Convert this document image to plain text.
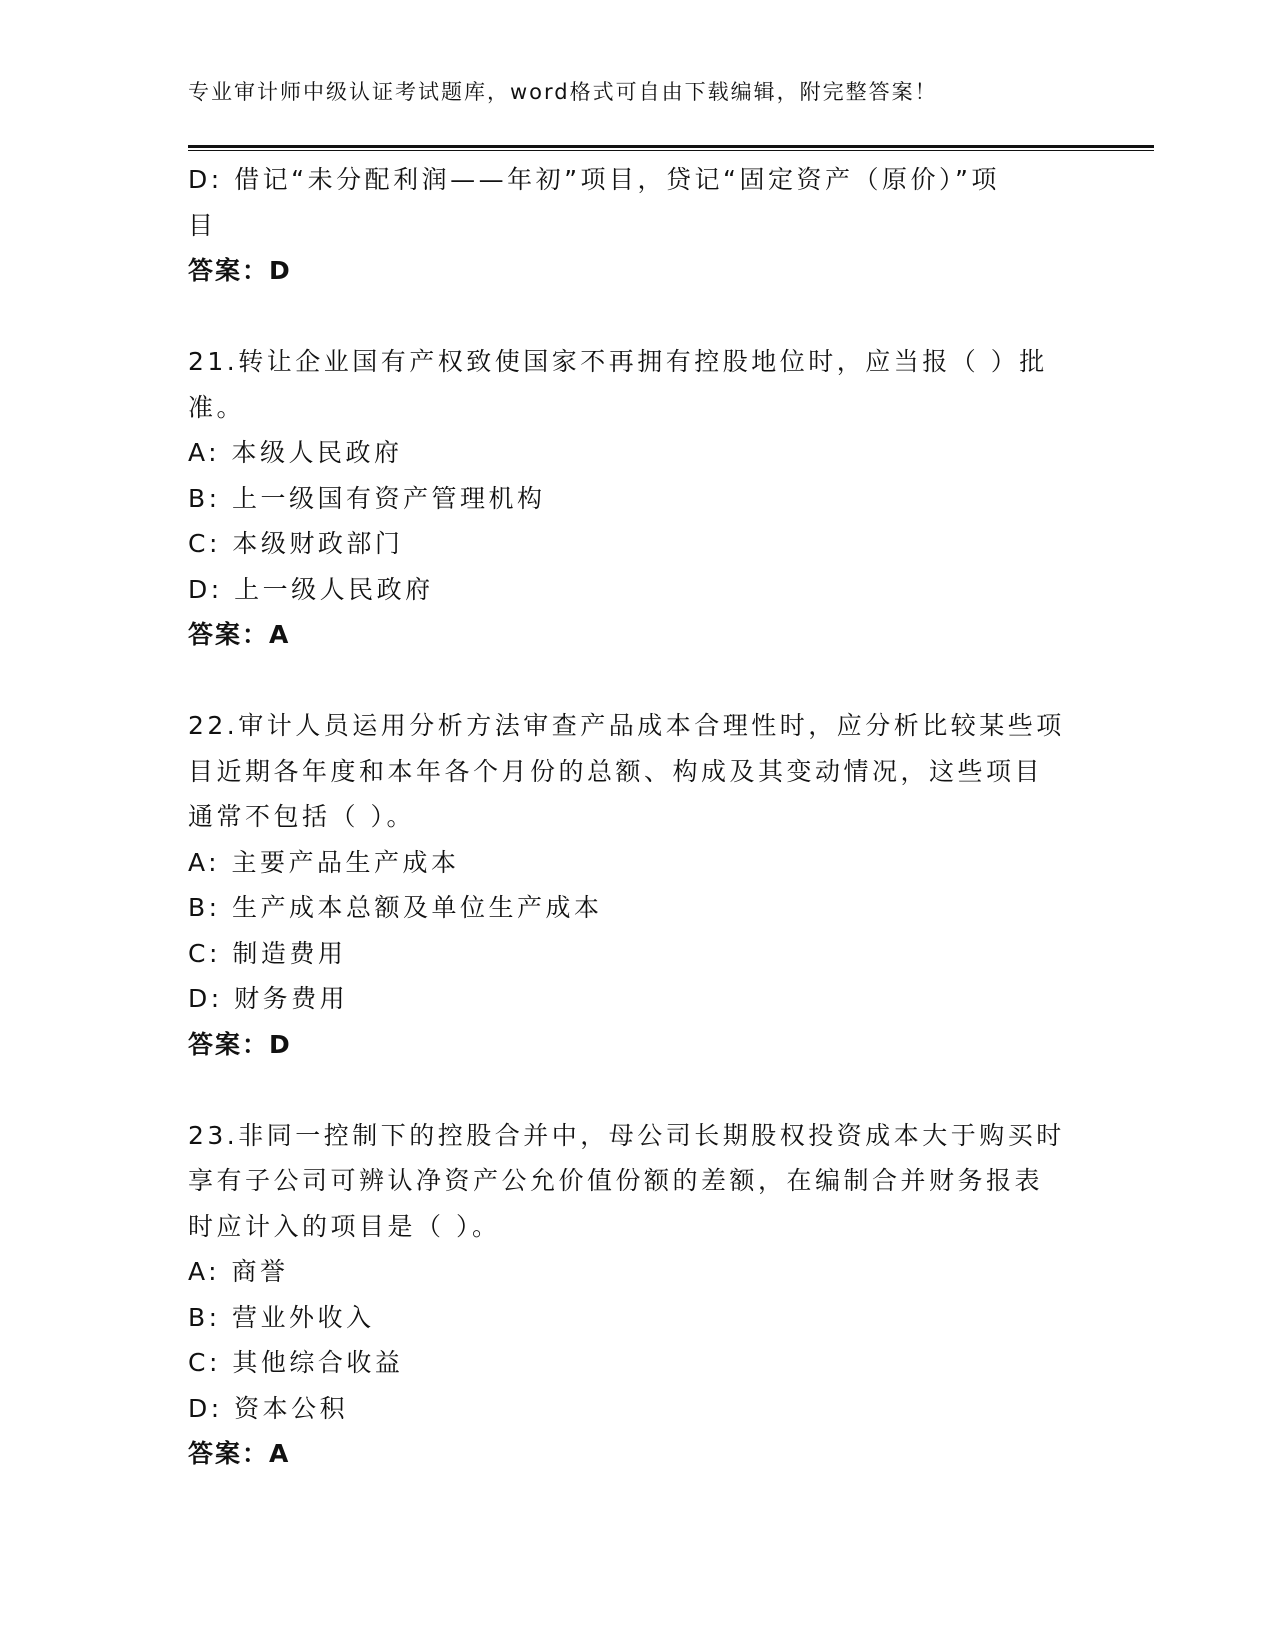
专业审计师中级认证考试题库，word格式可自由下载编辑，附完整答案！
D: 借记“未分配利润——年初”项目，贷记“固定资产（原价）”项
目
答案：D
21.转让企业国有产权致使国家不再拥有控股地位时，应当报（ ）批
准。
A: 本级人民政府
B: 上一级国有资产管理机构
C: 本级财政部门
D: 上一级人民政府
答案：A
22.审计人员运用分析方法审查产品成本合理性时，应分析比较某些项
目近期各年度和本年各个月份的总额、构成及其变动情况，这些项目
通常不包括（ ）。
A: 主要产品生产成本
B: 生产成本总额及单位生产成本
C: 制造费用
D: 财务费用
答案：D
23.非同一控制下的控股合并中，母公司长期股权投资成本大于购买时
享有子公司可辨认净资产公允价值份额的差额，在编制合并财务报表
时应计入的项目是（ ）。
A: 商誉
B: 营业外收入
C: 其他综合收益
D: 资本公积
答案：A
